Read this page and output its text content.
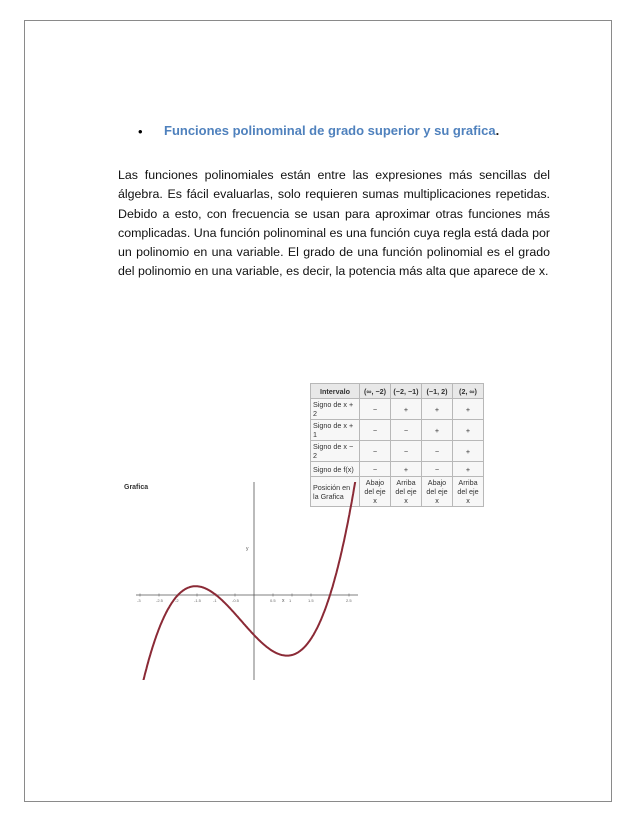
• Funciones polinominal de grado superior y su grafica.

Las funciones polinomiales están entre las expresiones más sencillas del álgebra. Es fácil evaluarlas, solo requieren sumas multiplicaciones repetidas. Debido a esto, con frecuencia se usan para aproximar otras funciones más complicadas. Una función polinominal es una función cuya regla está dada por un polinomio en una variable. El grado de una función polinomial es el grado del polinomio en una variable, es decir, la potencia más alta que aparece de x.

Intervalo	(∞, −2)	(−2, −1)	(−1, 2)	(2, ∞)
Signo de x + 2	−	+	+	+
Signo de x + 1	−	−	+	+
Signo de x − 2	−	−	−	+
Signo de f(x)	−	+	−	+
Posición en la Grafica	Abajo del eje x	Arriba del eje x	Abajo del eje x	Arriba del eje x
Grafica
y
x
-3	-2.5	-2	-1.5	-1	-0.5	0.5	1	1.5	2	2.5
